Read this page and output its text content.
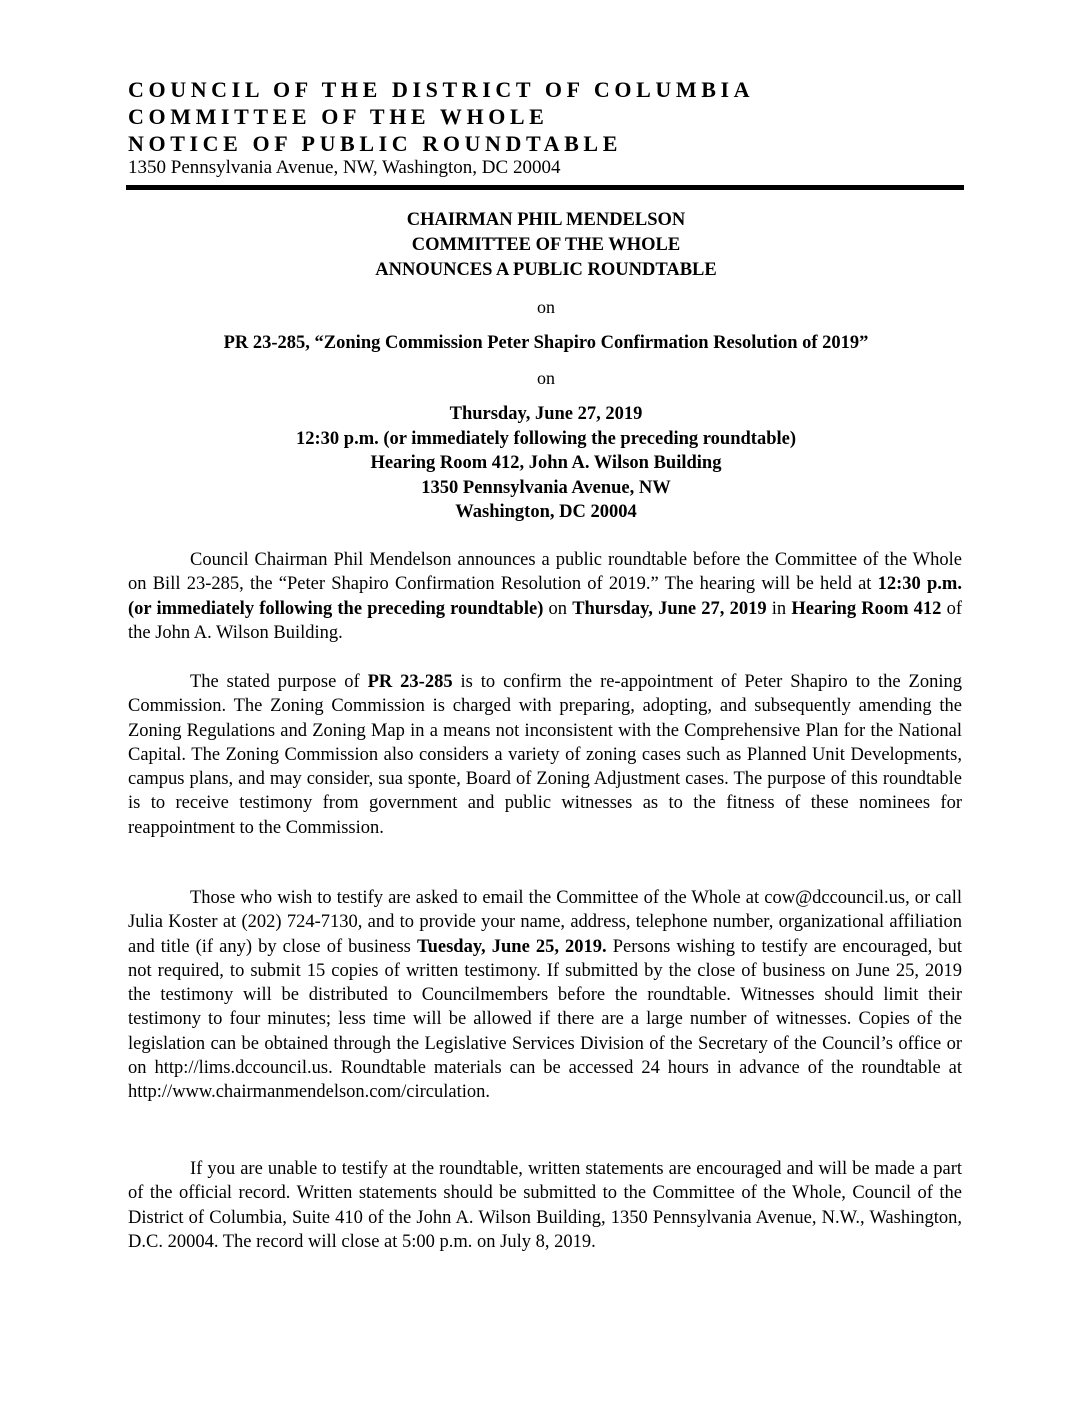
COUNCIL OF THE DISTRICT OF COLUMBIA
COMMITTEE OF THE WHOLE
NOTICE OF PUBLIC ROUNDTABLE
1350 Pennsylvania Avenue, NW, Washington, DC 20004
CHAIRMAN PHIL MENDELSON
COMMITTEE OF THE WHOLE
ANNOUNCES A PUBLIC ROUNDTABLE
on
PR 23-285, “Zoning Commission Peter Shapiro Confirmation Resolution of 2019”
on
Thursday, June 27, 2019
12:30 p.m. (or immediately following the preceding roundtable)
Hearing Room 412, John A. Wilson Building
1350 Pennsylvania Avenue, NW
Washington, DC 20004

Council Chairman Phil Mendelson announces a public roundtable before the Committee of the Whole on Bill 23-285, the “Peter Shapiro Confirmation Resolution of 2019.” The hearing will be held at 12:30 p.m. (or immediately following the preceding roundtable) on Thursday, June 27, 2019 in Hearing Room 412 of the John A. Wilson Building.

The stated purpose of PR 23-285 is to confirm the re-appointment of Peter Shapiro to the Zoning Commission. The Zoning Commission is charged with preparing, adopting, and subsequently amending the Zoning Regulations and Zoning Map in a means not inconsistent with the Comprehensive Plan for the National Capital. The Zoning Commission also considers a variety of zoning cases such as Planned Unit Developments, campus plans, and may consider, sua sponte, Board of Zoning Adjustment cases. The purpose of this roundtable is to receive testimony from government and public witnesses as to the fitness of these nominees for reappointment to the Commission.

Those who wish to testify are asked to email the Committee of the Whole at cow@dccouncil.us, or call Julia Koster at (202) 724-7130, and to provide your name, address, telephone number, organizational affiliation and title (if any) by close of business Tuesday, June 25, 2019. Persons wishing to testify are encouraged, but not required, to submit 15 copies of written testimony. If submitted by the close of business on June 25, 2019 the testimony will be distributed to Councilmembers before the roundtable. Witnesses should limit their testimony to four minutes; less time will be allowed if there are a large number of witnesses. Copies of the legislation can be obtained through the Legislative Services Division of the Secretary of the Council’s office or on http://lims.dccouncil.us. Roundtable materials can be accessed 24 hours in advance of the roundtable at http://www.chairmanmendelson.com/circulation.

If you are unable to testify at the roundtable, written statements are encouraged and will be made a part of the official record. Written statements should be submitted to the Committee of the Whole, Council of the District of Columbia, Suite 410 of the John A. Wilson Building, 1350 Pennsylvania Avenue, N.W., Washington, D.C. 20004. The record will close at 5:00 p.m. on July 8, 2019.
